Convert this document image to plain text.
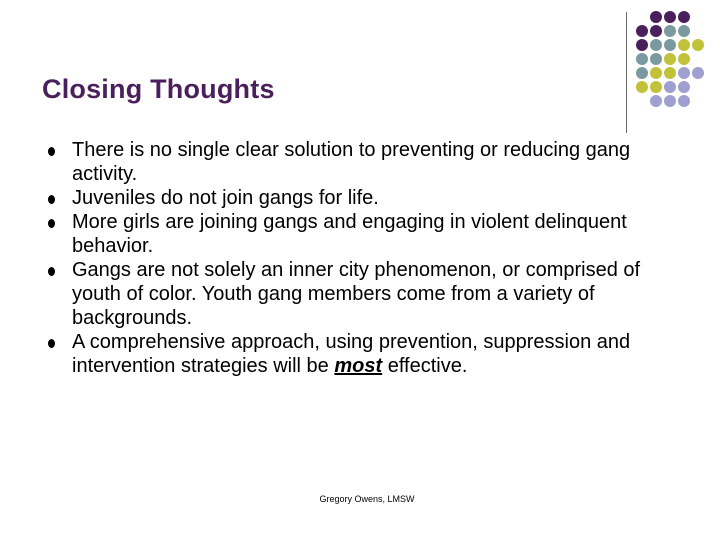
Closing Thoughts
There is no single clear solution to preventing or reducing gang activity.
Juveniles do not join gangs for life.
More girls are joining gangs and engaging in violent delinquent behavior.
Gangs are not solely an inner city phenomenon, or comprised of youth of color. Youth gang members come from a variety of backgrounds.
A comprehensive approach, using prevention, suppression and intervention strategies will be most effective.
Gregory Owens, LMSW
